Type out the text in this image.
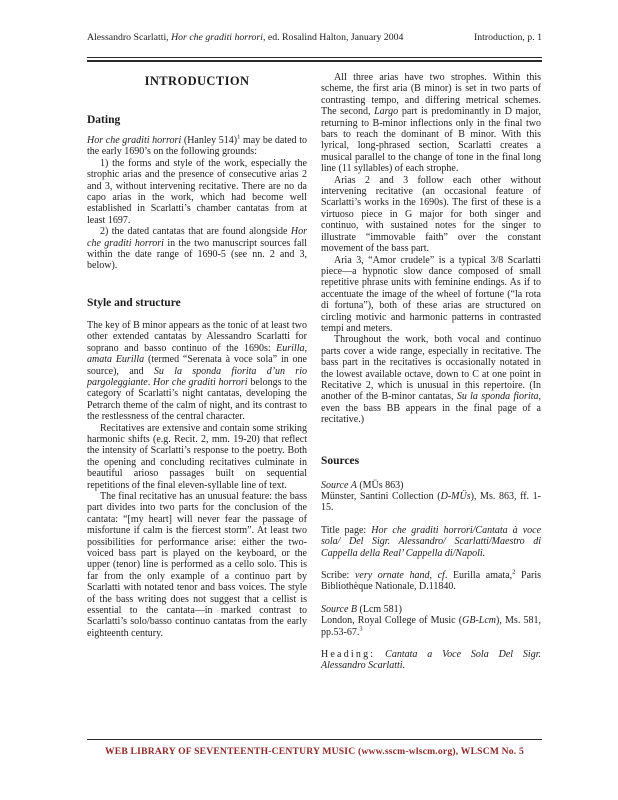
Alessandro Scarlatti, Hor che graditi horrori, ed. Rosalind Halton, January 2004	Introduction, p. 1
INTRODUCTION
Dating

Hor che graditi horrori (Hanley 514)$^1$ may be dated to the early 1690’s on the following grounds:

1) the forms and style of the work, especially the strophic arias and the presence of consecutive arias 2 and 3, without intervening recitative. There are no da capo arias in the work, which had become well established in Scarlatti’s chamber cantatas from at least 1697.

2) the dated cantatas that are found alongside Hor che graditi horrori in the two manuscript sources fall within the date range of 1690-5 (see nn. 2 and 3, below).

Style and structure

The key of B minor appears as the tonic of at least two other extended cantatas by Alessandro Scarlatti for soprano and basso continuo of the 1690s: Eurilla, amata Eurilla (termed “Serenata à voce sola” in one source), and Su la sponda fiorita d’un rio pargoleggiante. Hor che graditi horrori belongs to the category of Scarlatti’s night cantatas, developing the Petrarch theme of the calm of night, and its contrast to the restlessness of the central character.

Recitatives are extensive and contain some striking harmonic shifts (e.g. Recit. 2, mm. 19-20) that reflect the intensity of Scarlatti’s response to the poetry. Both the opening and concluding recitatives culminate in beautiful arioso passages built on sequential repetitions of the final eleven-syllable line of text.

The final recitative has an unusual feature: the bass part divides into two parts for the conclusion of the cantata: “[my heart] will never fear the passage of misfortune if calm is the fiercest storm”. At least two possibilities for performance arise: either the two-voiced bass part is played on the keyboard, or the upper (tenor) line is performed as a cello solo. This is far from the only example of a continuo part by Scarlatti with notated tenor and bass voices. The style of the bass writing does not suggest that a cellist is essential to the cantata—in marked contrast to Scarlatti’s solo/basso continuo cantatas from the early eighteenth century.

All three arias have two strophes. Within this scheme, the first aria (B minor) is set in two parts of contrasting tempo, and differing metrical schemes. The second, Largo part is predominantly in D major, returning to B-minor inflections only in the final two bars to reach the dominant of B minor. With this lyrical, long-phrased section, Scarlatti creates a musical parallel to the change of tone in the final long line (11 syllables) of each strophe.

Arias 2 and 3 follow each other without intervening recitative (an occasional feature of Scarlatti’s works in the 1690s). The first of these is a virtuoso piece in G major for both singer and continuo, with sustained notes for the singer to illustrate “immovable faith” over the constant movement of the bass part.

Aria 3, “Amor crudele” is a typical 3/8 Scarlatti piece—a hypnotic slow dance composed of small repetitive phrase units with feminine endings. As if to accentuate the image of the wheel of fortune (“la rota di fortuna”), both of these arias are structured on circling motivic and harmonic patterns in contrasted tempi and meters.

Throughout the work, both vocal and continuo parts cover a wide range, especially in recitative. The bass part in the recitatives is occasionally notated in the lowest available octave, down to C at one point in Recitative 2, which is unusual in this repertoire. (In another of the B-minor cantatas, Su la sponda fiorita, even the bass BB appears in the final page of a recitative.)

Sources

Source A (MÜs 863)

Münster, Santini Collection (D-MÜs), Ms. 863, ff. 1-15.

Title page: Hor che graditi horrori/Cantata à voce sola/ Del Sigr. Alessandro/ Scarlatti/Maestro di Cappella della Real’ Cappella di/Napoli.

Scribe: very ornate hand, cf. Eurilla amata,$^2$ Paris Bibliothèque Nationale, D.11840.

Source B (Lcm 581)

London, Royal College of Music (GB-Lcm), Ms. 581, pp.53-67.$^3$

Heading: Cantata a Voce Sola Del Sigr. Alessandro Scarlatti.

WEB LIBRARY OF SEVENTEENTH-CENTURY MUSIC (www.sscm-wlscm.org), WLSCM No. 5
